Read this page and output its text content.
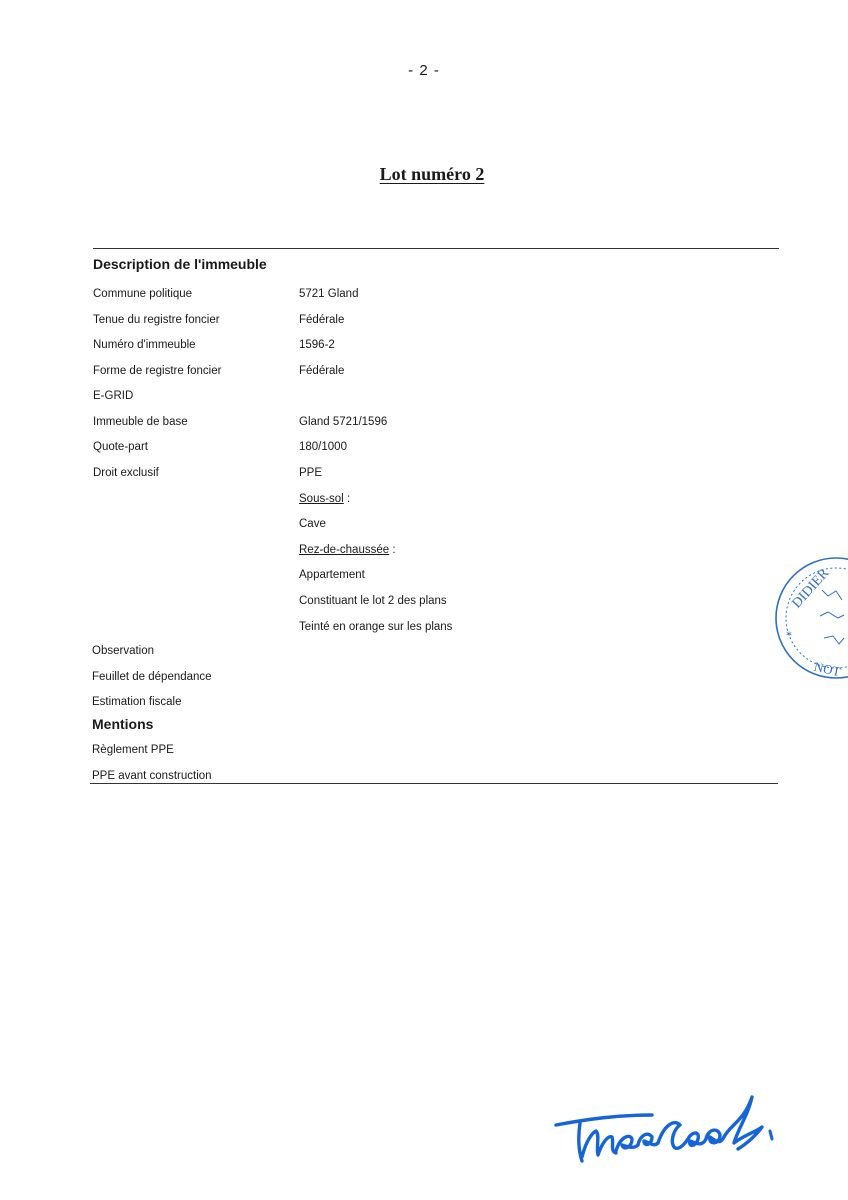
- 2 -
Lot numéro 2
Description de l'immeuble
Commune politique	5721 Gland
Tenue du registre foncier	Fédérale
Numéro d'immeuble	1596-2
Forme de registre foncier	Fédérale
E-GRID
Immeuble de base	Gland 5721/1596
Quote-part	180/1000
Droit exclusif	PPE
Sous-sol :
Cave
Rez-de-chaussée :
Appartement
Constituant le lot 2 des plans
Teinté en orange sur les plans
Observation
Feuillet de dépendance
Estimation fiscale
Mentions
Règlement PPE
PPE avant construction
DIDIER
NOT
*
